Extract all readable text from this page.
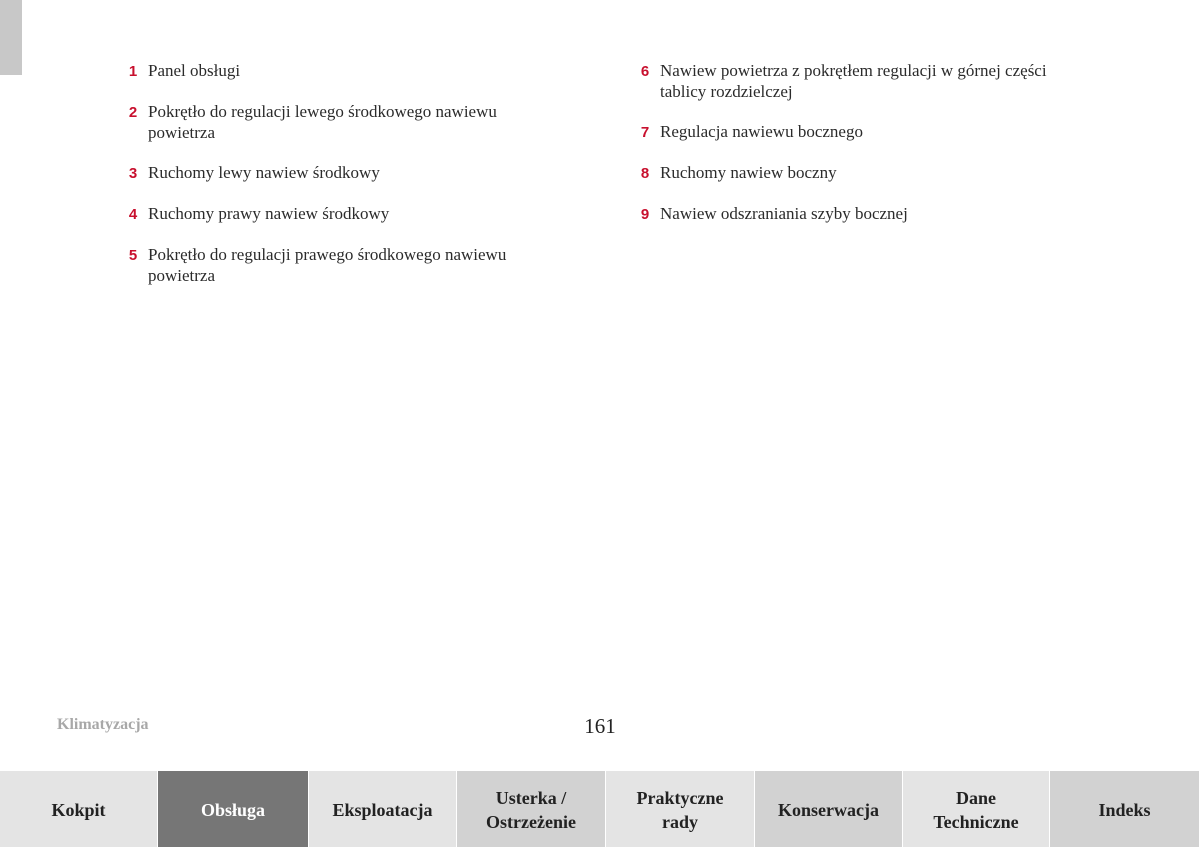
1 Panel obsługi
2 Pokrętło do regulacji lewego środkowego nawiewu powietrza
3 Ruchomy lewy nawiew środkowy
4 Ruchomy prawy nawiew środkowy
5 Pokrętło do regulacji prawego środkowego nawiewu powietrza
6 Nawiew powietrza z pokrętłem regulacji w górnej części tablicy rozdzielczej
7 Regulacja nawiewu bocznego
8 Ruchomy nawiew boczny
9 Nawiew odszraniania szyby bocznej
Klimatyzacja	161
Kokpit	Obsługa	Eksploatacja
Usterka /
Ostrzeżenie
Praktyczne
rady
Konserwacja
Dane
Techniczne
Indeks
